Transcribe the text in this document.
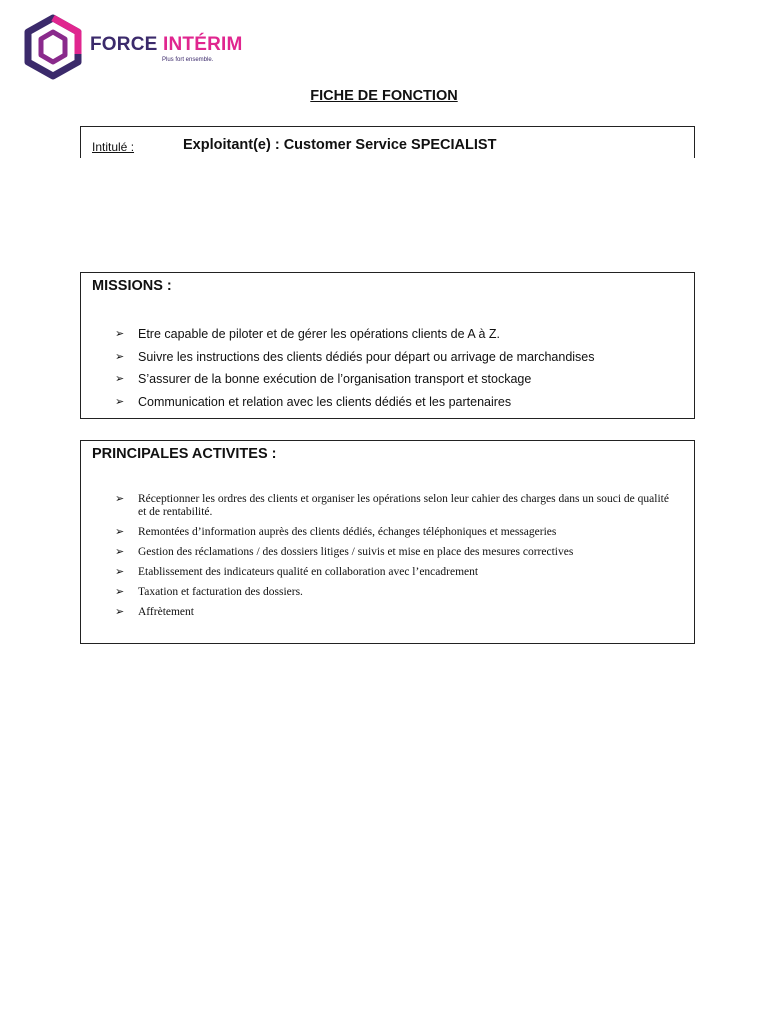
FORCE INTÉRIM
Plus fort ensemble.
FICHE DE FONCTION
Intitulé :	Exploitant(e) : Customer Service SPECIALIST
MISSIONS :
➢ Etre capable de piloter et de gérer les opérations clients de A à Z.
➢ Suivre les instructions des clients dédiés pour départ ou arrivage de marchandises
➢ S’assurer de la bonne exécution de l’organisation transport et stockage
➢ Communication et relation avec les clients dédiés et les partenaires
PRINCIPALES ACTIVITES :
➢ Réceptionner les ordres des clients et organiser les opérations selon leur cahier des charges dans un souci de qualité et de rentabilité.
➢ Remontées d’information auprès des clients dédiés, échanges téléphoniques et messageries
➢ Gestion des réclamations / des dossiers litiges / suivis et mise en place des mesures correctives
➢ Etablissement des indicateurs qualité en collaboration avec l’encadrement
➢ Taxation et facturation des dossiers.
➢ Affrètement
